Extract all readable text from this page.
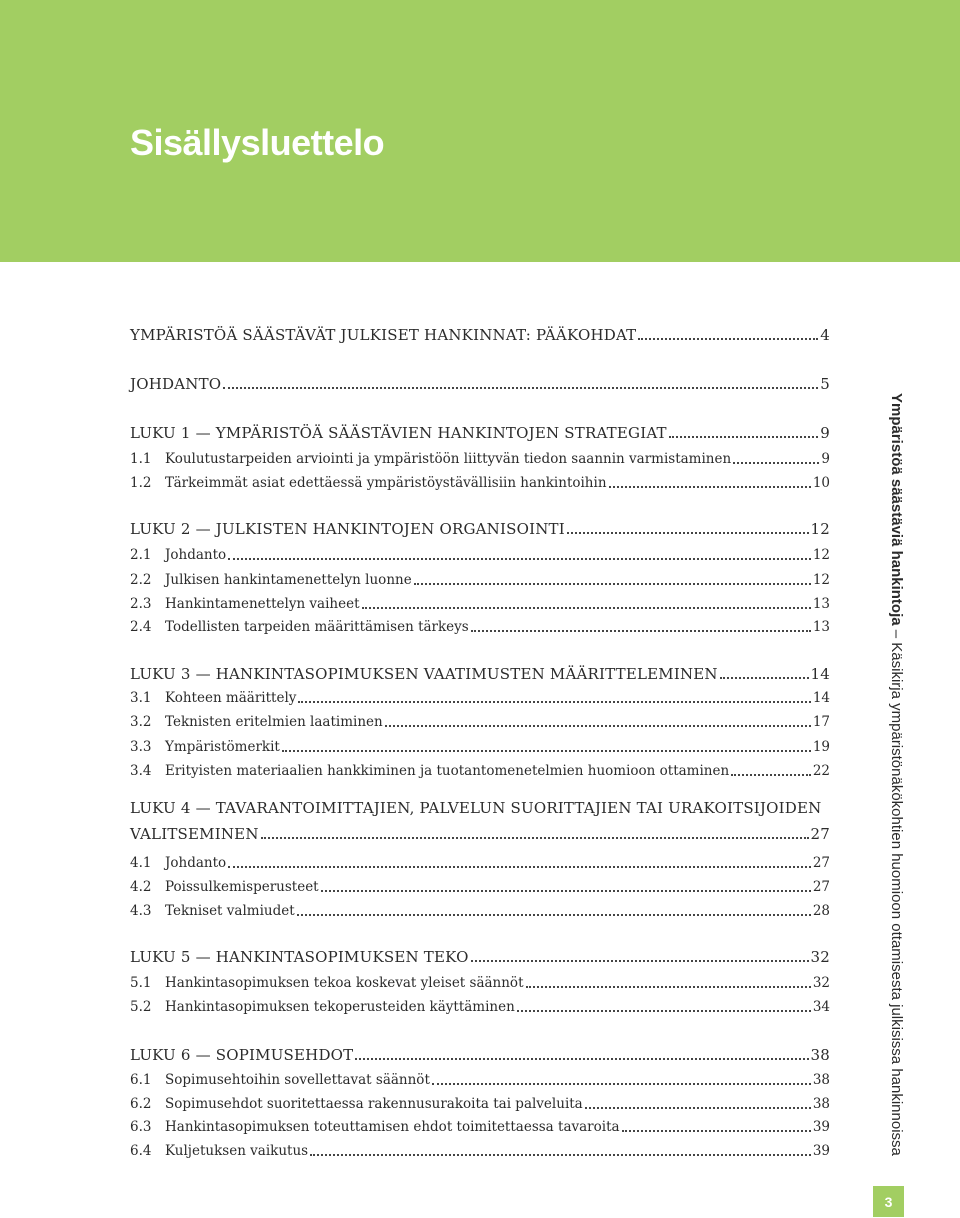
Sisällysluettelo
YMPÄRISTÖÄ SÄÄSTÄVÄT JULKISET HANKINNAT: PÄÄKOHDAT	4
JOHDANTO	5
LUKU 1 — YMPÄRISTÖÄ SÄÄSTÄVIEN HANKINTOJEN STRATEGIAT	9
1.1	Koulutustarpeiden arviointi ja ympäristöön liittyvän tiedon saannin varmistaminen	9
1.2	Tärkeimmät asiat edettäessä ympäristöystävällisiin hankintoihin	10
LUKU 2 — JULKISTEN HANKINTOJEN ORGANISOINTI	12
2.1	Johdanto	12
2.2	Julkisen hankintamenettelyn luonne	12
2.3	Hankintamenettelyn vaiheet	13
2.4	Todellisten tarpeiden määrittämisen tärkeys	13
LUKU 3 — HANKINTASOPIMUKSEN VAATIMUSTEN MÄÄRITTELEMINEN	14
3.1	Kohteen määrittely	14
3.2	Teknisten eritelmien laatiminen	17
3.3	Ympäristömerkit	19
3.4	Erityisten materiaalien hankkiminen ja tuotantomenetelmien huomioon ottaminen	22
LUKU 4 — TAVARANTOIMITTAJIEN, PALVELUN SUORITTAJIEN TAI URAKOITSIJOIDEN
VALITSEMINEN	27
4.1	Johdanto	27
4.2	Poissulkemisperusteet	27
4.3	Tekniset valmiudet	28
LUKU 5 — HANKINTASOPIMUKSEN TEKO	32
5.1	Hankintasopimuksen tekoa koskevat yleiset säännöt	32
5.2	Hankintasopimuksen tekoperusteiden käyttäminen	34
LUKU 6 — SOPIMUSEHDOT	38
6.1	Sopimusehtoihin sovellettavat säännöt	38
6.2	Sopimusehdot suoritettaessa rakennusurakoita tai palveluita	38
6.3	Hankintasopimuksen toteuttamisen ehdot toimitettaessa tavaroita	39
6.4	Kuljetuksen vaikutus	39
Ympäristöä säästäviä hankintoja – Käsikirja ympäristönäkökohtien huomioon ottamisesta julkisissa hankinnoissa
3
